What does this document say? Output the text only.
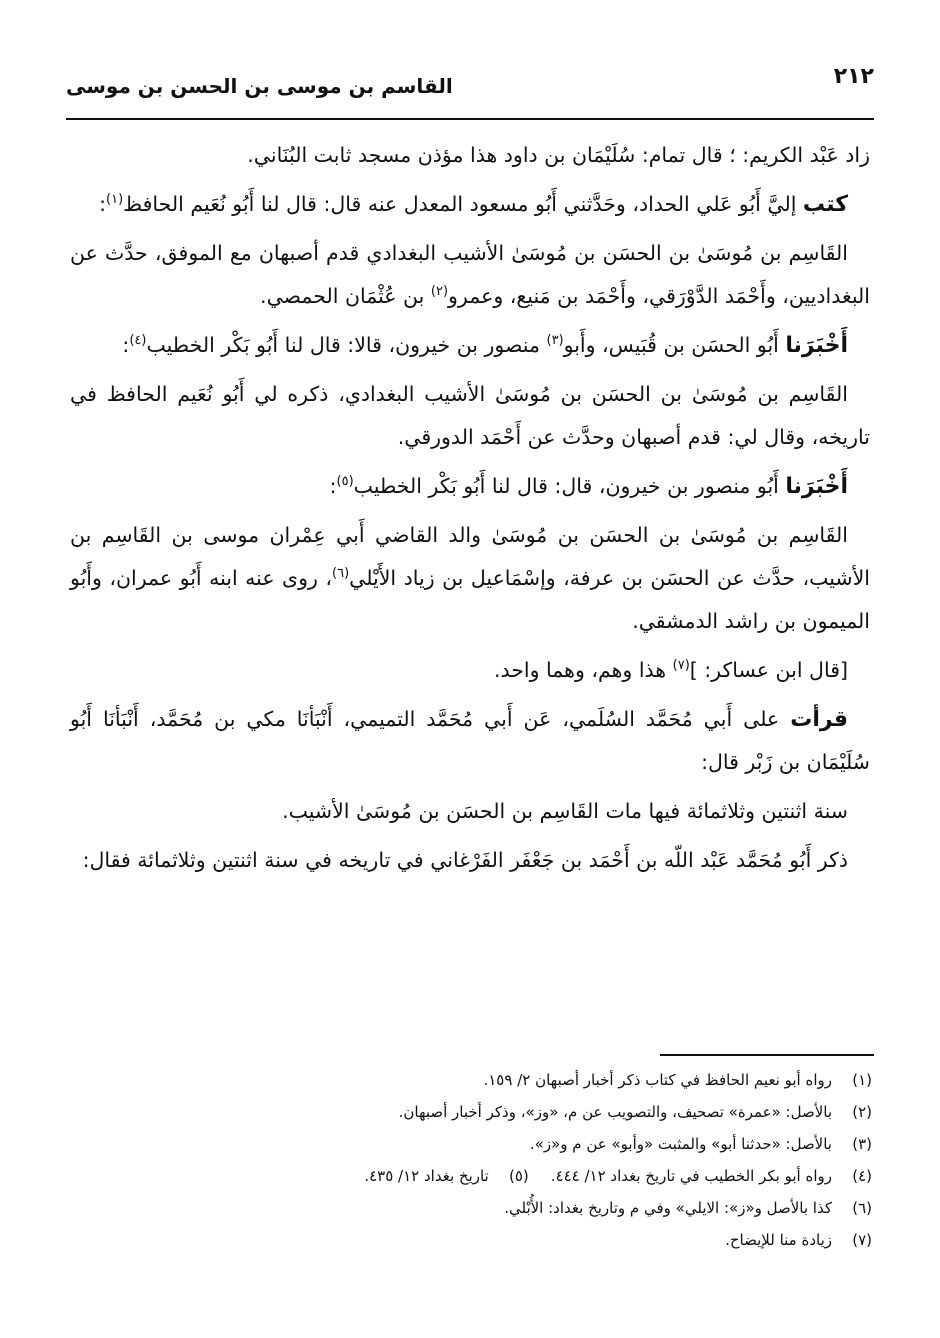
٢١٢
القاسم بن موسى بن الحسن بن موسى

زاد عَبْد الكريم: ؛ قال تمام: سُلَيْمَان بن داود هذا مؤذن مسجد ثابت البُنَاني.

كتب إليَّ أَبُو عَلي الحداد، وحَدَّثني أَبُو مسعود المعدل عنه قال: قال لنا أَبُو نُعَيم الحافظ$^{(١)}$:

القَاسِم بن مُوسَىٰ بن الحسَن بن مُوسَىٰ الأشيب البغدادي قدم أصبهان مع الموفق، حدَّث عن البغداديين، وأَحْمَد الدَّوْرَقي، وأَحْمَد بن مَنيع، وعمرو$^{(٢)}$ بن عُثْمَان الحمصي.

أَخْبَرَنا أَبُو الحسَن بن قُبَيس، وأَبو$^{(٣)}$ منصور بن خيرون، قالا: قال لنا أَبُو بَكْر الخطيب$^{(٤)}$:

القَاسِم بن مُوسَىٰ بن الحسَن بن مُوسَىٰ الأشيب البغدادي، ذكره لي أَبُو نُعَيم الحافظ في تاريخه، وقال لي: قدم أصبهان وحدَّث عن أَحْمَد الدورقي.

أَخْبَرَنا أَبُو منصور بن خيرون، قال: قال لنا أَبُو بَكْر الخطيب$^{(٥)}$:

القَاسِم بن مُوسَىٰ بن الحسَن بن مُوسَىٰ والد القاضي أَبي عِمْران موسى بن القَاسِم بن الأشيب، حدَّث عن الحسَن بن عرفة، وإسْمَاعيل بن زياد الأَيْلي$^{(٦)}$، روى عنه ابنه أَبُو عمران، وأَبُو الميمون بن راشد الدمشقي.

[قال ابن عساكر: ]$^{(٧)}$ هذا وهم، وهما واحد.

قرأت على أَبي مُحَمَّد السُلَمي، عَن أَبي مُحَمَّد التميمي، أَنْبَأنَا مكي بن مُحَمَّد، أَنْبَأنَا أَبُو سُلَيْمَان بن زَبْر قال:

سنة اثنتين وثلاثمائة فيها مات القَاسِم بن الحسَن بن مُوسَىٰ الأشيب.

ذكر أَبُو مُحَمَّد عَبْد اللّه بن أَحْمَد بن جَعْفَر الفَرْغاني في تاريخه في سنة اثنتين وثلاثمائة فقال:

(١)
رواه أبو نعيم الحافظ في كتاب ذكر أخبار أصبهان ٢/ ١٥٩.
(٢)
بالأصل: «عمرة» تصحيف، والتصويب عن م، «وز»، وذكر أخبار أصبهان.
(٣)
بالأصل: «حدثنا أبو» والمثبت «وأبو» عن م و«ز».
(٤)
رواه أبو بكر الخطيب في تاريخ بغداد ١٢/ ٤٤٤.
(٥)
تاريخ بغداد ١٢/ ٤٣٥.
(٦)
كذا بالأصل و«ز»: الايلي» وفي م وتاريخ بغداد: الأُبْلي.
(٧)
زيادة منا للإيضاح.
